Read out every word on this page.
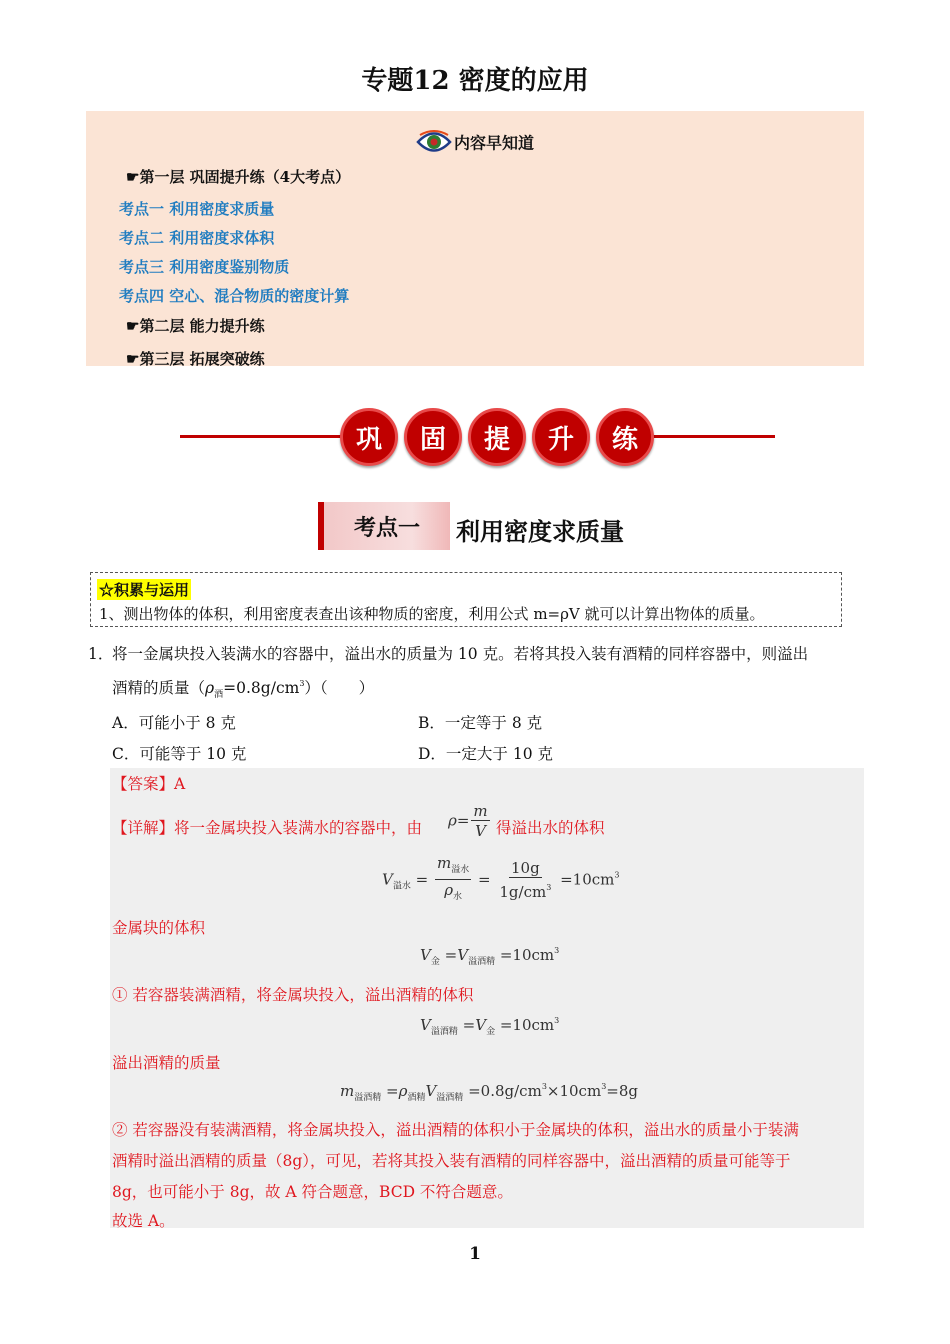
专题12 密度的应用
内容早知道
☛第一层 巩固提升练（4大考点）
考点一 利用密度求质量
考点二 利用密度求体积
考点三 利用密度鉴别物质
考点四 空心、混合物质的密度计算
☛第二层 能力提升练
☛第三层 拓展突破练
巩	固	提	升	练
考点一	利用密度求质量
☆积累与运用
1、测出物体的体积，利用密度表查出该种物质的密度，利用公式 m=ρV 就可以计算出物体的质量。
1．
将一金属块投入装满水的容器中，溢出水的质量为 10 克。若将其投入装有酒精的同样容器中，则溢出
酒精的质量$(\rho_酒=0.8g/cm^3)$（　　）
A．可能小于 8 克	B．一定等于 8 克
C．可能等于 10 克	D．一定大于 10 克
【答案】A
【详解】将一金属块投入装满水的容器中，由 $\rho= \frac{m}{V}$ 得溢出水的体积
$V_{溢水} = \frac{m_{溢水}}{\rho_水} = \frac{10g}{1g/cm^3} =10cm^3$
金属块的体积
$V_金 =V_{溢酒精} =10cm^3$
① 若容器装满酒精，将金属块投入，溢出酒精的体积
$V_{溢酒精} =V_金 =10cm^3$
溢出酒精的质量
$m_{溢酒精} =\rho_{酒精}V_{溢酒精} =0.8g/cm^3\times 10cm^3=8g$
② 若容器没有装满酒精，将金属块投入，溢出酒精的体积小于金属块的体积，溢出水的质量小于装满
酒精时溢出酒精的质量（8g），可见，若将其投入装有酒精的同样容器中，溢出酒精的质量可能等于
8g，也可能小于 8g，故 A 符合题意，BCD 不符合题意。
故选 A。
1
